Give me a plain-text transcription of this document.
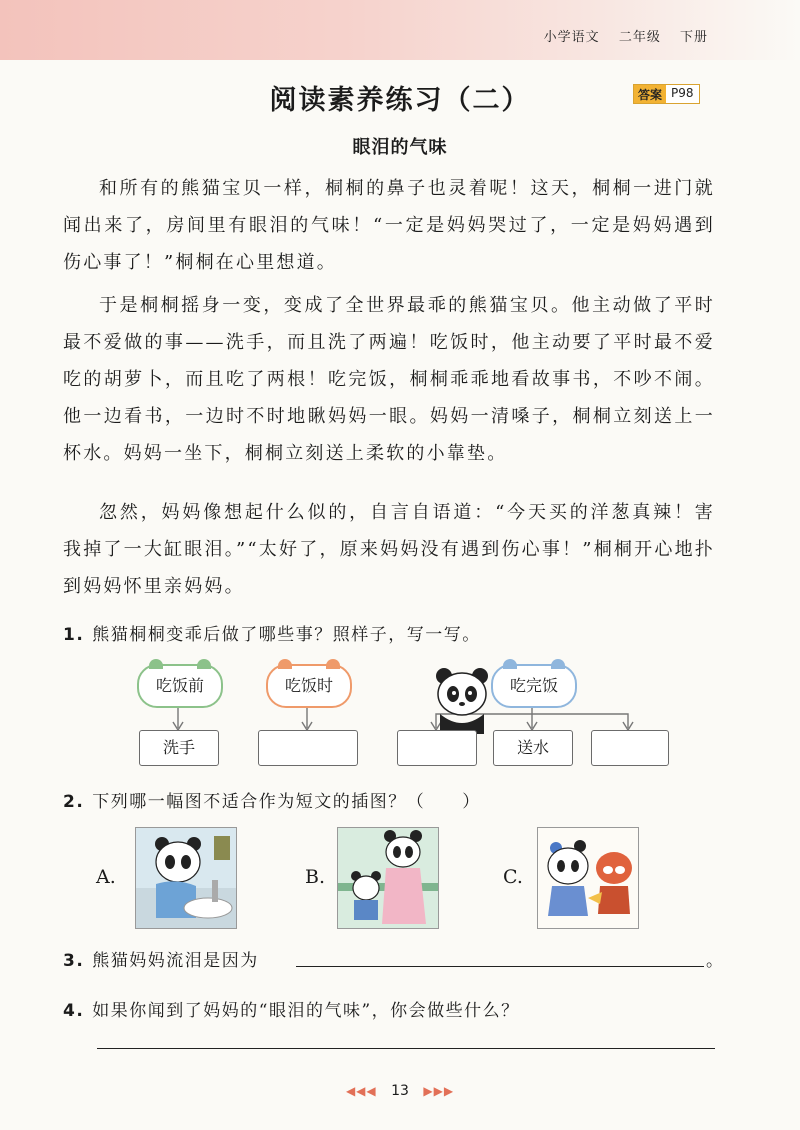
小学语文 二年级 下册
阅读素养练习（二）	答案 P98
眼泪的气味
和所有的熊猫宝贝一样，桐桐的鼻子也灵着呢！这天，桐桐一进门就闻出来了，房间里有眼泪的气味！“一定是妈妈哭过了，一定是妈妈遇到伤心事了！”桐桐在心里想道。
于是桐桐摇身一变，变成了全世界最乖的熊猫宝贝。他主动做了平时最不爱做的事——洗手，而且洗了两遍！吃饭时，他主动要了平时最不爱吃的胡萝卜，而且吃了两根！吃完饭，桐桐乖乖地看故事书，不吵不闹。他一边看书，一边时不时地瞅妈妈一眼。妈妈一清嗓子，桐桐立刻送上一杯水。妈妈一坐下，桐桐立刻送上柔软的小靠垫。
忽然，妈妈像想起什么似的，自言自语道：“今天买的洋葱真辣！害我掉了一大缸眼泪。”“太好了，原来妈妈没有遇到伤心事！”桐桐开心地扑到妈妈怀里亲妈妈。
1. 熊猫桐桐变乖后做了哪些事？照样子，写一写。
吃饭前	吃饭时	吃完饭
洗手	送水
2. 下列哪一幅图不适合作为短文的插图？（　　）
A.	B.	C.
3. 熊猫妈妈流泪是因为	。
4. 如果你闻到了妈妈的“眼泪的气味”，你会做些什么？
◀◀◀ 13 ▶▶▶
